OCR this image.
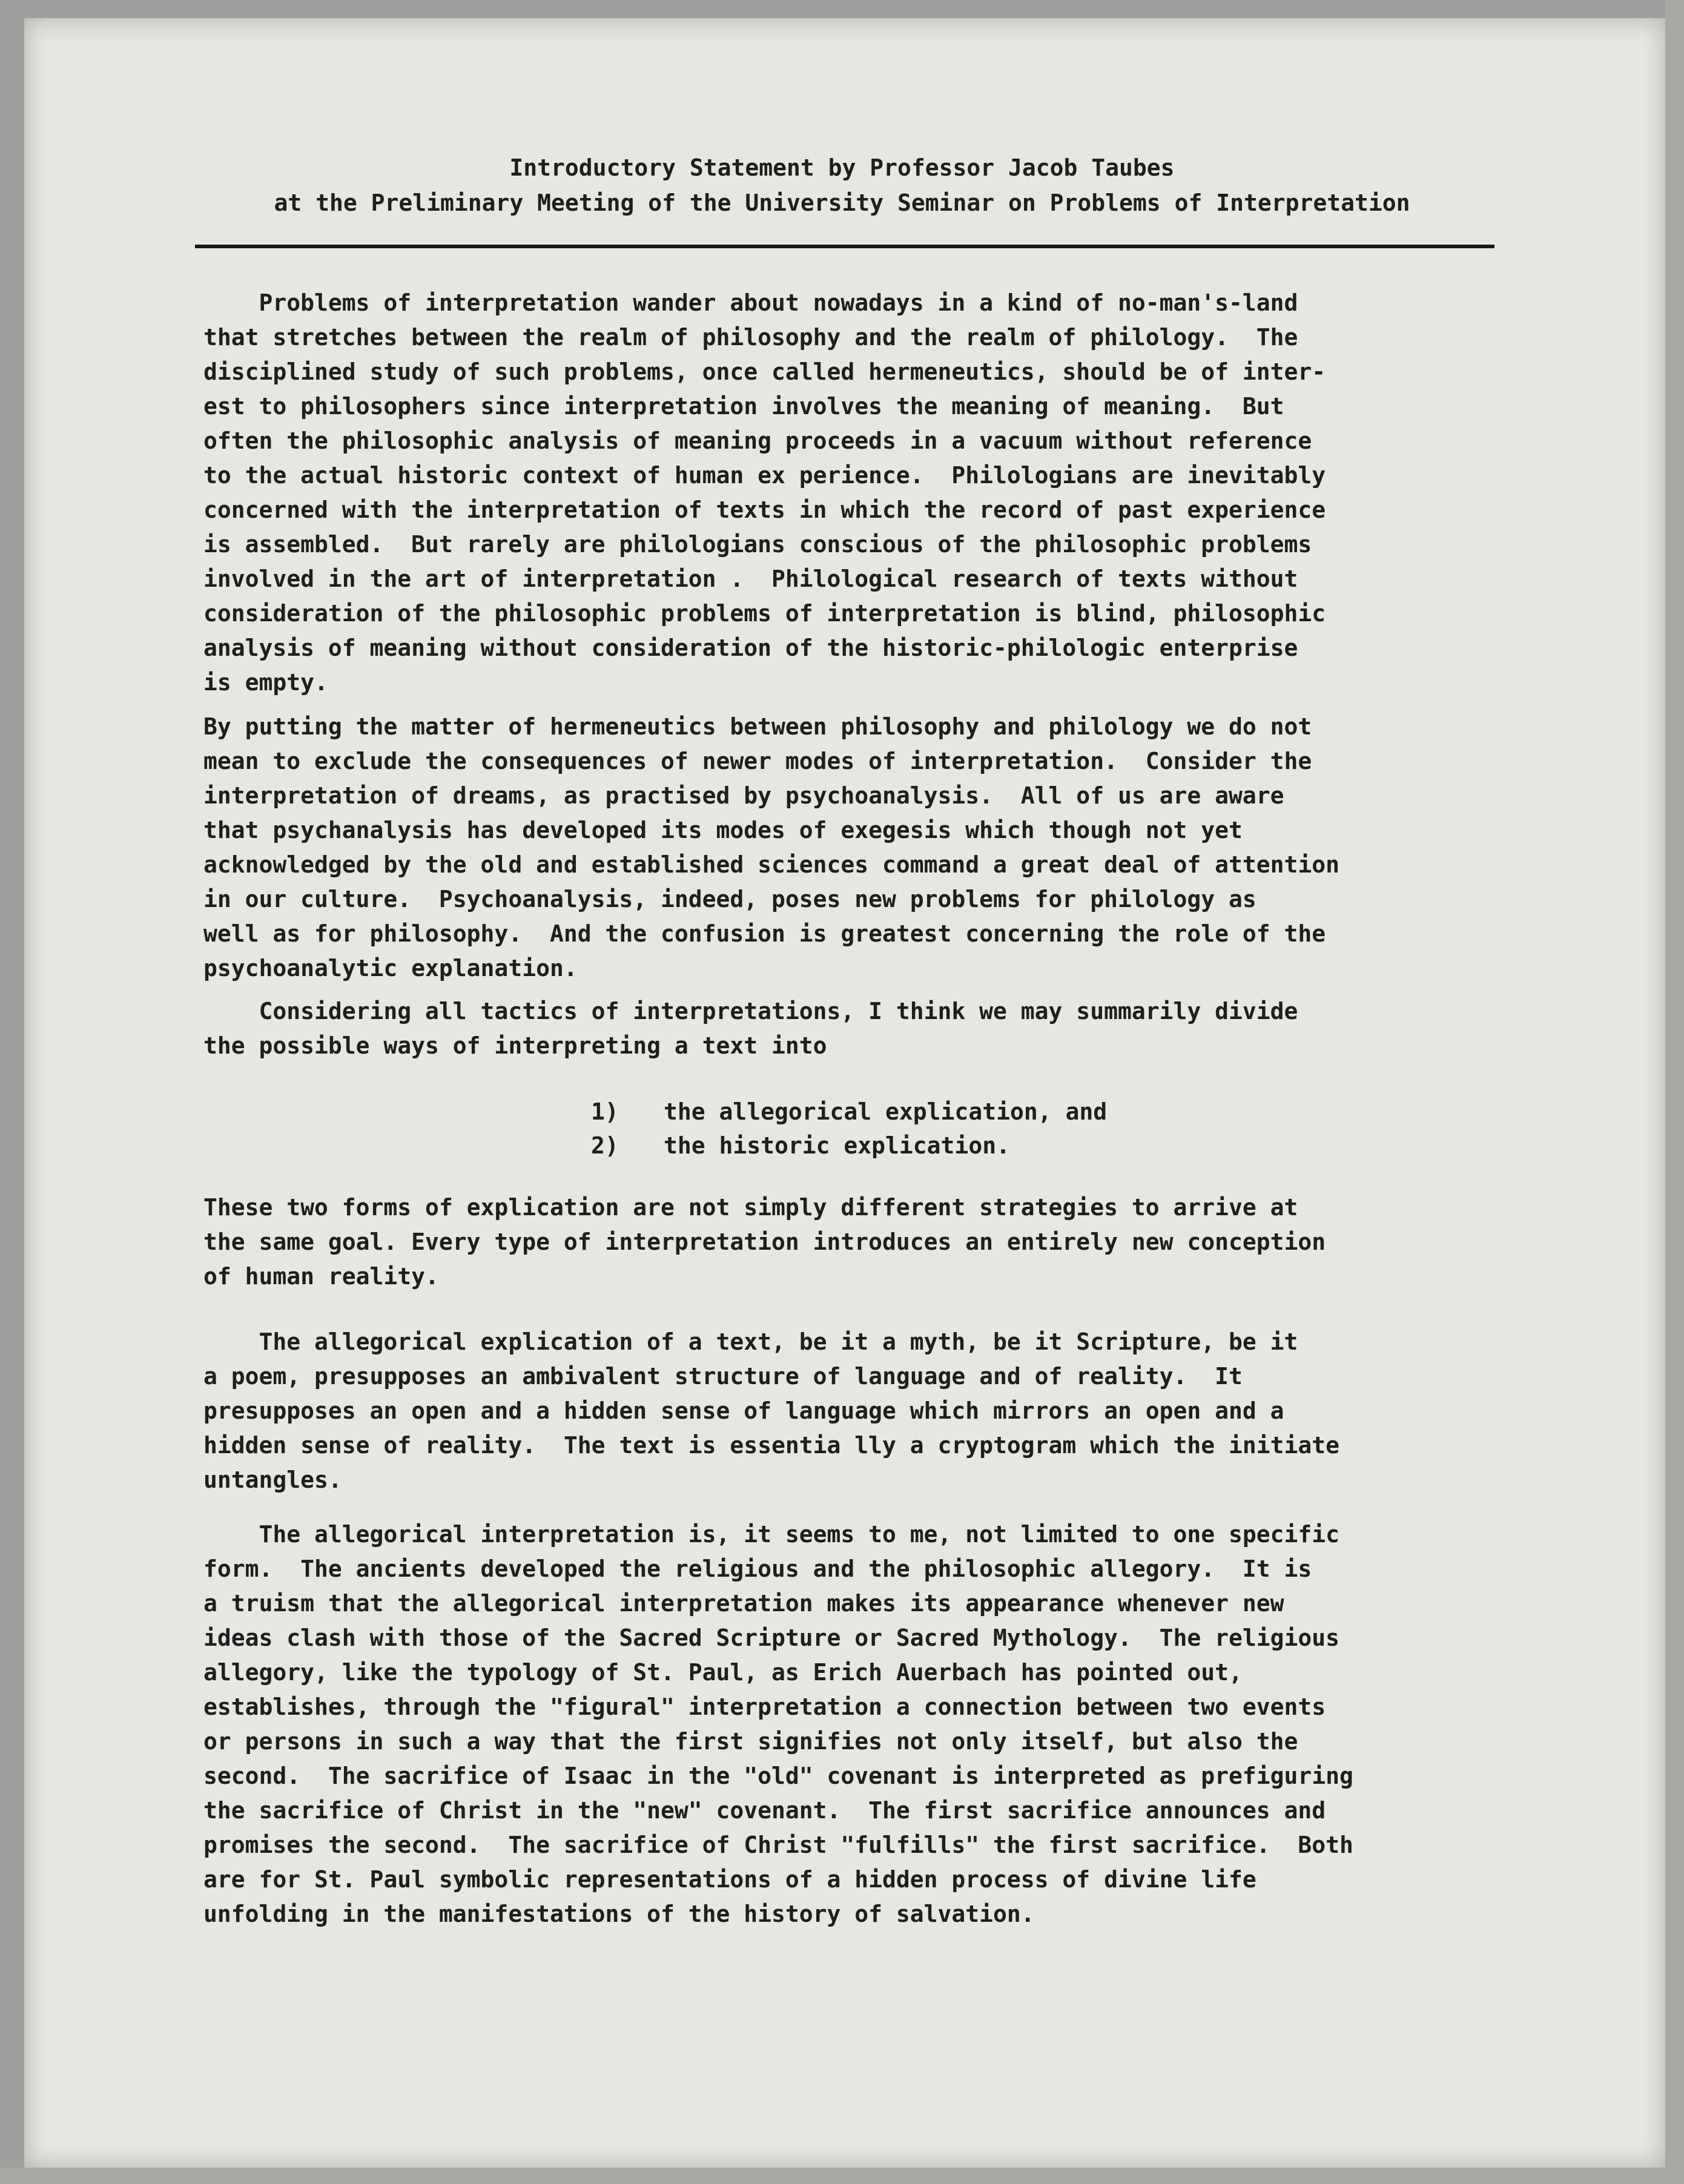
Introductory Statement by Professor Jacob Taubes

at the Preliminary Meeting of the University Seminar on Problems of Interpretation

Problems of interpretation wander about nowadays in a kind of no-man's-land

that stretches between the realm of philosophy and the realm of philology.  The

disciplined study of such problems, once called hermeneutics, should be of inter-

est to philosophers since interpretation involves the meaning of meaning.  But

often the philosophic analysis of meaning proceeds in a vacuum without reference

to the actual historic context of human ex perience.  Philologians are inevitably

concerned with the interpretation of texts in which the record of past experience

is assembled.  But rarely are philologians conscious of the philosophic problems

involved in the art of interpretation .  Philological research of texts without

consideration of the philosophic problems of interpretation is blind, philosophic

analysis of meaning without consideration of the historic-philologic enterprise

is empty.

By putting the matter of hermeneutics between philosophy and philology we do not

mean to exclude the consequences of newer modes of interpretation.  Consider the

interpretation of dreams, as practised by psychoanalysis.  All of us are aware

that psychanalysis has developed its modes of exegesis which though not yet

acknowledged by the old and established sciences command a great deal of attention

in our culture.  Psychoanalysis, indeed, poses new problems for philology as

well as for philosophy.  And the confusion is greatest concerning the role of the

psychoanalytic explanation.

Considering all tactics of interpretations, I think we may summarily divide

the possible ways of interpreting a text into

1) the allegorical explication, and

2) the historic explication.

These two forms of explication are not simply different strategies to arrive at

the same goal. Every type of interpretation introduces an entirely new conception

of human reality.

The allegorical explication of a text, be it a myth, be it Scripture, be it

a poem, presupposes an ambivalent structure of language and of reality.  It

presupposes an open and a hidden sense of language which mirrors an open and a

hidden sense of reality.  The text is essentia lly a cryptogram which the initiate

untangles.

The allegorical interpretation is, it seems to me, not limited to one specific

form.  The ancients developed the religious and the philosophic allegory.  It is

a truism that the allegorical interpretation makes its appearance whenever new

ideas clash with those of the Sacred Scripture or Sacred Mythology.  The religious

allegory, like the typology of St. Paul, as Erich Auerbach has pointed out,

establishes, through the "figural" interpretation a connection between two events

or persons in such a way that the first signifies not only itself, but also the

second.  The sacrifice of Isaac in the "old" covenant is interpreted as prefiguring

the sacrifice of Christ in the "new" covenant.  The first sacrifice announces and

promises the second.  The sacrifice of Christ "fulfills" the first sacrifice.  Both

are for St. Paul symbolic representations of a hidden process of divine life

unfolding in the manifestations of the history of salvation.
